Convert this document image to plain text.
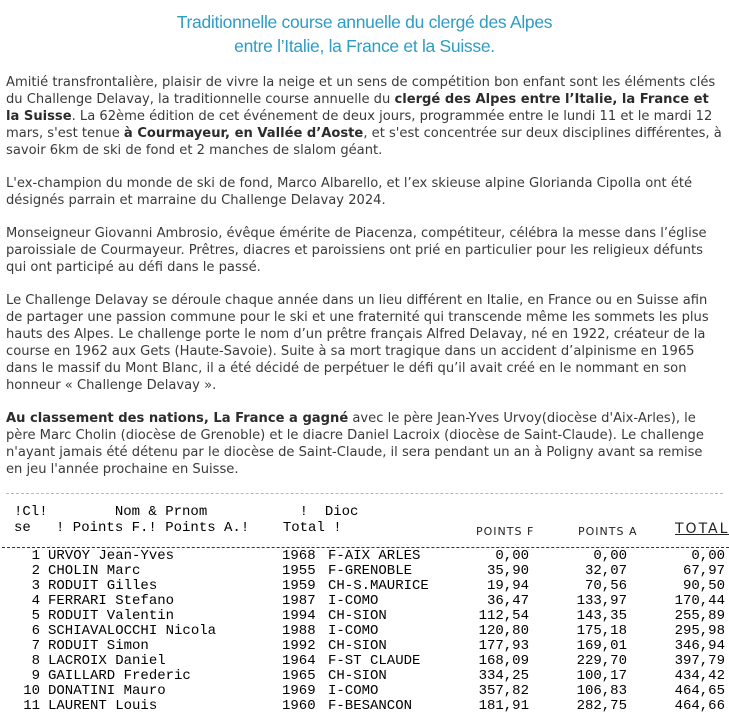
Traditionnelle course annuelle du clergé des Alpes
entre l’Italie, la France et la Suisse.

Amitié transfrontalière, plaisir de vivre la neige et un sens de compétition bon enfant sont les éléments clés du Challenge Delavay, la traditionnelle course annuelle du clergé des Alpes entre l’Italie, la France et la Suisse. La 62ème édition de cet événement de deux jours, programmée entre le lundi 11 et le mardi 12 mars, s'est tenue à Courmayeur, en Vallée d’Aoste, et s'est concentrée sur deux disciplines différentes, à savoir 6km de ski de fond et 2 manches de slalom géant.

L'ex-champion du monde de ski de fond, Marco Albarello, et l’ex skieuse alpine Glorianda Cipolla ont été désignés parrain et marraine du Challenge Delavay 2024.

Monseigneur Giovanni Ambrosio, évêque émérite de Piacenza, compétiteur, célébra la messe dans l’église paroissiale de Courmayeur. Prêtres, diacres et paroissiens ont prié en particulier pour les religieux défunts qui ont participé au défi dans le passé.

Le Challenge Delavay se déroule chaque année dans un lieu différent en Italie, en France ou en Suisse afin de partager une passion commune pour le ski et une fraternité qui transcende même les sommets les plus hauts des Alpes. Le challenge porte le nom d’un prêtre français Alfred Delavay, né en 1922, créateur de la course en 1962 aux Gets (Haute-Savoie). Suite à sa mort tragique dans un accident d’alpinisme en 1965 dans le massif du Mont Blanc, il a été décidé de perpétuer le défi qu’il avait créé en le nommant en son honneur « Challenge Delavay ».

Au classement des nations, La France a gagné avec le père Jean-Yves Urvoy(diocèse d'Aix-Arles), le père Marc Cholin (diocèse de Grenoble) et le diacre Daniel Lacroix (diocèse de Saint-Claude). Le challenge n'ayant jamais été détenu par le diocèse de Saint-Claude, il sera pendant un an à Poligny avant sa remise en jeu l'année prochaine en Suisse.

!Cl!        Nom & Prnom           !  Dioc
se   ! Points F.! Points A.!    Total !	POINTS F	POINTS A	TOTAL
1 URVOY Jean-Yves	1968 F-AIX ARLES	0,00	0,00	0,00
2 CHOLIN Marc	1955 F-GRENOBLE	35,90	32,07	67,97
3 RODUIT Gilles	1959 CH-S.MAURICE	19,94	70,56	90,50
4 FERRARI Stefano	1987 I-COMO	36,47	133,97	170,44
5 RODUIT Valentin	1994 CH-SION	112,54	143,35	255,89
6 SCHIAVALOCCHI Nicola	1988 I-COMO	120,80	175,18	295,98
7 RODUIT Simon	1992 CH-SION	177,93	169,01	346,94
8 LACROIX Daniel	1964 F-ST CLAUDE	168,09	229,70	397,79
9 GAILLARD Frederic	1965 CH-SION	334,25	100,17	434,42
10 DONATINI Mauro	1969 I-COMO	357,82	106,83	464,65
11 LAURENT Louis	1960 F-BESANCON	181,91	282,75	464,66
